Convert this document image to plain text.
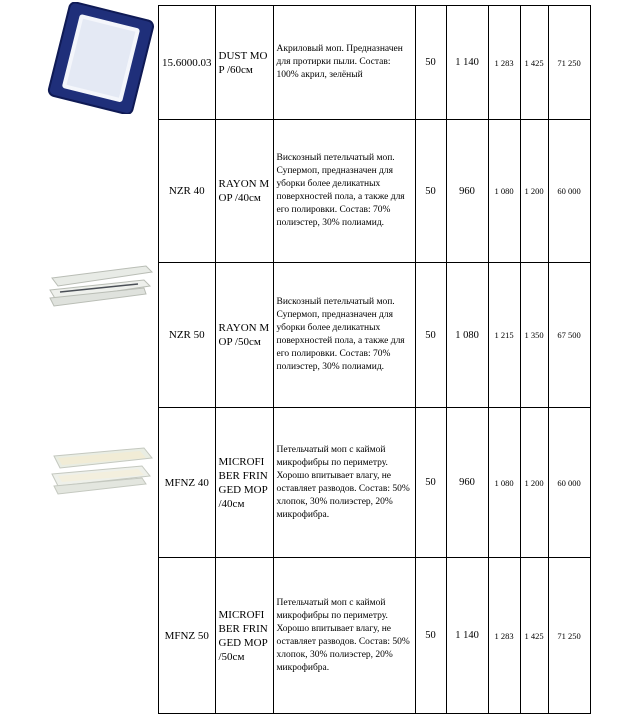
15.6000.03	DUST MOP /60см	Акриловый моп. Предназначен для протирки пыли. Состав: 100% акрил, зелёный	50	1 140	1 283	1 425	71 250
NZR 40	RAYON MOP /40см	Вискозный петельчатый моп. Супермоп, предназначен для уборки более деликатных поверхностей пола, а также для его полировки. Состав: 70% полиэстер, 30% полиамид.	50	960	1 080	1 200	60 000
NZR 50	RAYON MOP /50см	Вискозный петельчатый моп. Супермоп, предназначен для уборки более деликатных поверхностей пола, а также для его полировки. Состав: 70% полиэстер, 30% полиамид.	50	1 080	1 215	1 350	67 500
MFNZ 40	MICROFIBER FRINGED MOP /40см	Петельчатый моп с каймой микрофибры по периметру. Хорошо впитывает влагу, не оставляет разводов. Состав: 50% хлопок, 30% полиэстер, 20% микрофибра.	50	960	1 080	1 200	60 000
MFNZ 50	MICROFIBER FRINGED MOP /50см	Петельчатый моп с каймой микрофибры по периметру. Хорошо впитывает влагу, не оставляет разводов. Состав: 50% хлопок, 30% полиэстер, 20% микрофибра.	50	1 140	1 283	1 425	71 250
